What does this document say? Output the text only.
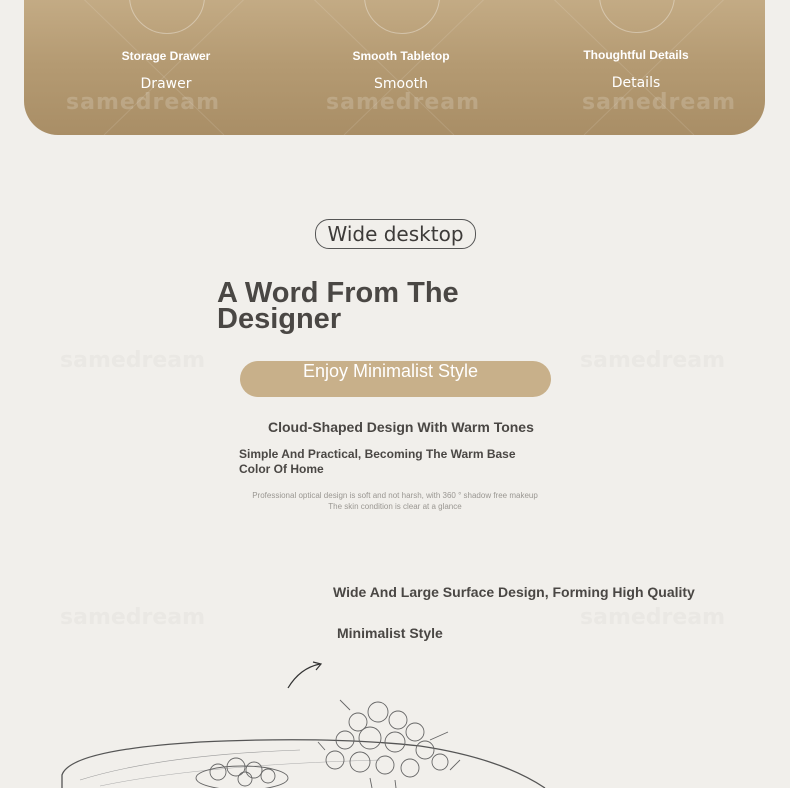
samedream	samedream
samedream	samedream
Storage Drawer
Drawer
Smooth Tabletop
Smooth
Thoughtful Details
Details
samedream	samedream	samedream
Wide desktop
A Word From The Designer
Enjoy Minimalist Style
Cloud-Shaped Design With Warm Tones
Simple And Practical, Becoming The Warm Base Color Of Home
Professional optical design is soft and not harsh, with 360 ° shadow free makeup
The skin condition is clear at a glance
Wide And Large Surface Design, Forming High Quality
Minimalist Style
